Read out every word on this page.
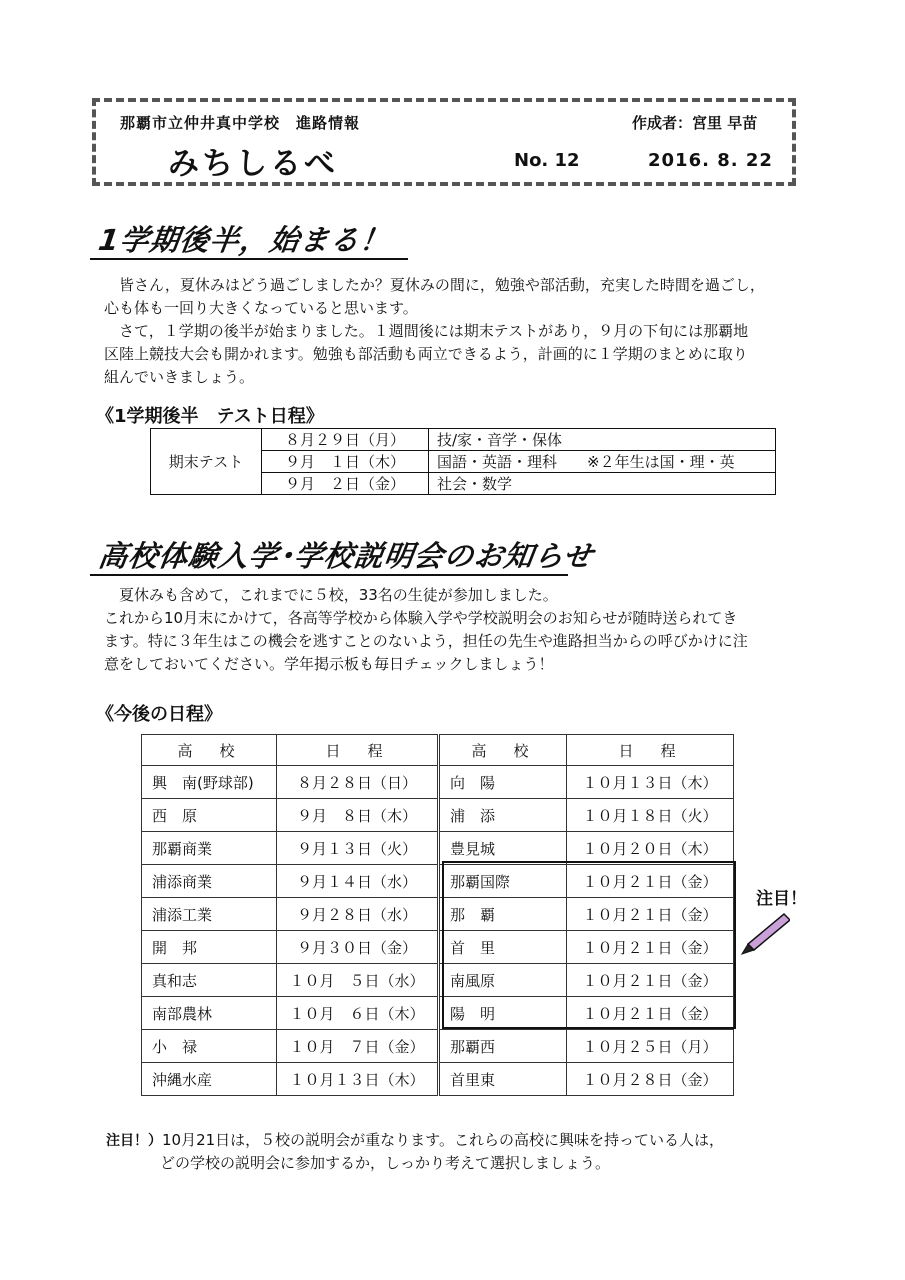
那覇市立仲井真中学校　進路情報	作成者：宮里 早苗
みちしるべ	No. 12	2016. 8. 22
1学期後半，始まる！
　皆さん，夏休みはどう過ごしましたか？夏休みの間に，勉強や部活動，充実した時間を過ごし，
心も体も一回り大きくなっていると思います。
　さて，１学期の後半が始まりました。１週間後には期末テストがあり，９月の下旬には那覇地
区陸上競技大会も開かれます。勉強も部活動も両立できるよう，計画的に１学期のまとめに取り
組んでいきましょう。
《1学期後半　テスト日程》
期末テスト	８月２９日（月）	技/家・音学・保体
	９月　１日（木）	国語・英語・理科　　※２年生は国・理・英
	９月　２日（金）	社会・数学
高校体験入学･学校説明会のお知らせ
　夏休みも含めて，これまでに５校，33名の生徒が参加しました。
これから10月末にかけて，各高等学校から体験入学や学校説明会のお知らせが随時送られてき
ます。特に３年生はこの機会を逃すことのないよう，担任の先生や進路担当からの呼びかけに注
意をしておいてください。学年掲示板も毎日チェックしましょう！
《今後の日程》
高　校	日　程	高　校	日　程
興　南(野球部)	８月２８日（日）	向　陽	１０月１３日（木）
西　原	９月　８日（木）	浦　添	１０月１８日（火）
那覇商業	９月１３日（火）	豊見城	１０月２０日（木）
浦添商業	９月１４日（水）	那覇国際	１０月２１日（金）
浦添工業	９月２８日（水）	那　覇	１０月２１日（金）
開　邦	９月３０日（金）	首　里	１０月２１日（金）
真和志	１０月　５日（水）	南風原	１０月２１日（金）
南部農林	１０月　６日（木）	陽　明	１０月２１日（金）
小　禄	１０月　７日（金）	那覇西	１０月２５日（月）
沖縄水産	１０月１３日（木）	首里東	１０月２８日（金）
注目！
注目！）10月21日は，５校の説明会が重なります。これらの高校に興味を持っている人は，
どの学校の説明会に参加するか，しっかり考えて選択しましょう。
